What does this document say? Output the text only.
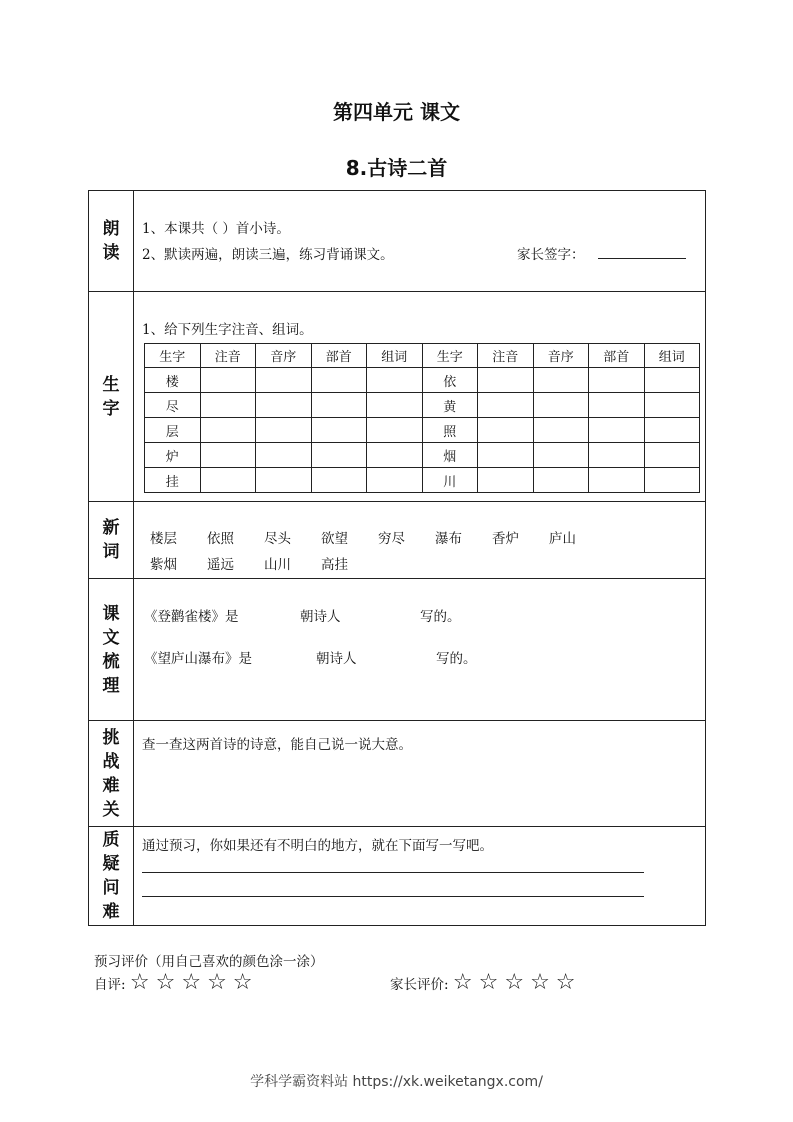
第四单元 课文
8.古诗二首
朗
读

1、本课共（ ）首小诗。
2、默读两遍，朗读三遍，练习背诵课文。	家长签字：

生
字

1、给下列生字注音、组词。
生字	注音	音序	部首	组词	生字	注音	音序	部首	组词
楼					依				
尽					黄				
层					照				
炉					烟				
挂					川				

新
词

楼层 依照 尽头 欲望 穷尽 瀑布 香炉 庐山
紫烟 遥远 山川 高挂

课
文
梳
理

《登鹳雀楼》是	朝诗人	写的。
《望庐山瀑布》是	朝诗人	写的。

挑
战
难
关

查一查这两首诗的诗意，能自己说一说大意。

质
疑
问
难

通过预习，你如果还有不明白的地方，就在下面写一写吧。
预习评价（用自己喜欢的颜色涂一涂）
自评: ☆ ☆ ☆ ☆ ☆	家长评价: ☆ ☆ ☆ ☆ ☆
学科学霸资料站 https://xk.weiketangx.com/
